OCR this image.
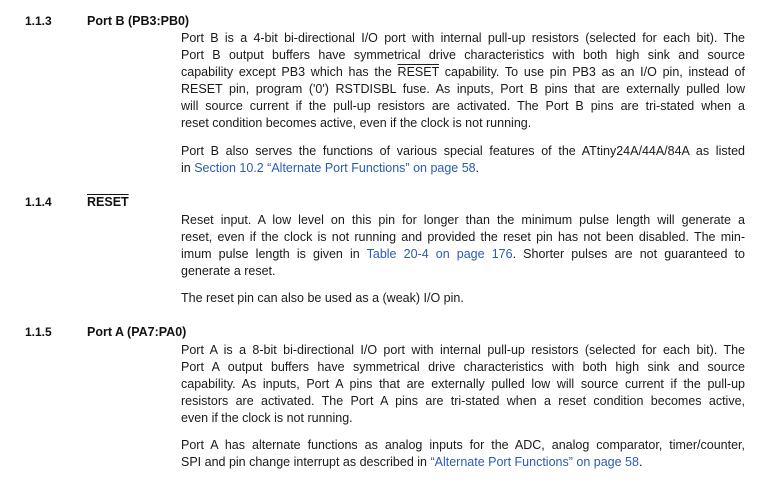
1.1.3	Port B (PB3:PB0)
Port B is a 4-bit bi-directional I/O port with internal pull-up resistors (selected for each bit). The
Port B output buffers have symmetrical drive characteristics with both high sink and source
capability except PB3 which has the RESET capability. To use pin PB3 as an I/O pin, instead of
RESET pin, program ('0') RSTDISBL fuse. As inputs, Port B pins that are externally pulled low
will source current if the pull-up resistors are activated. The Port B pins are tri-stated when a
reset condition becomes active, even if the clock is not running.
Port B also serves the functions of various special features of the ATtiny24A/44A/84A as listed
in Section 10.2 “Alternate Port Functions” on page 58.
1.1.4	RESET
Reset input. A low level on this pin for longer than the minimum pulse length will generate a
reset, even if the clock is not running and provided the reset pin has not been disabled. The min-
imum pulse length is given in Table 20-4 on page 176. Shorter pulses are not guaranteed to
generate a reset.
The reset pin can also be used as a (weak) I/O pin.
1.1.5	Port A (PA7:PA0)
Port A is a 8-bit bi-directional I/O port with internal pull-up resistors (selected for each bit). The
Port A output buffers have symmetrical drive characteristics with both high sink and source
capability. As inputs, Port A pins that are externally pulled low will source current if the pull-up
resistors are activated. The Port A pins are tri-stated when a reset condition becomes active,
even if the clock is not running.
Port A has alternate functions as analog inputs for the ADC, analog comparator, timer/counter,
SPI and pin change interrupt as described in “Alternate Port Functions” on page 58.
